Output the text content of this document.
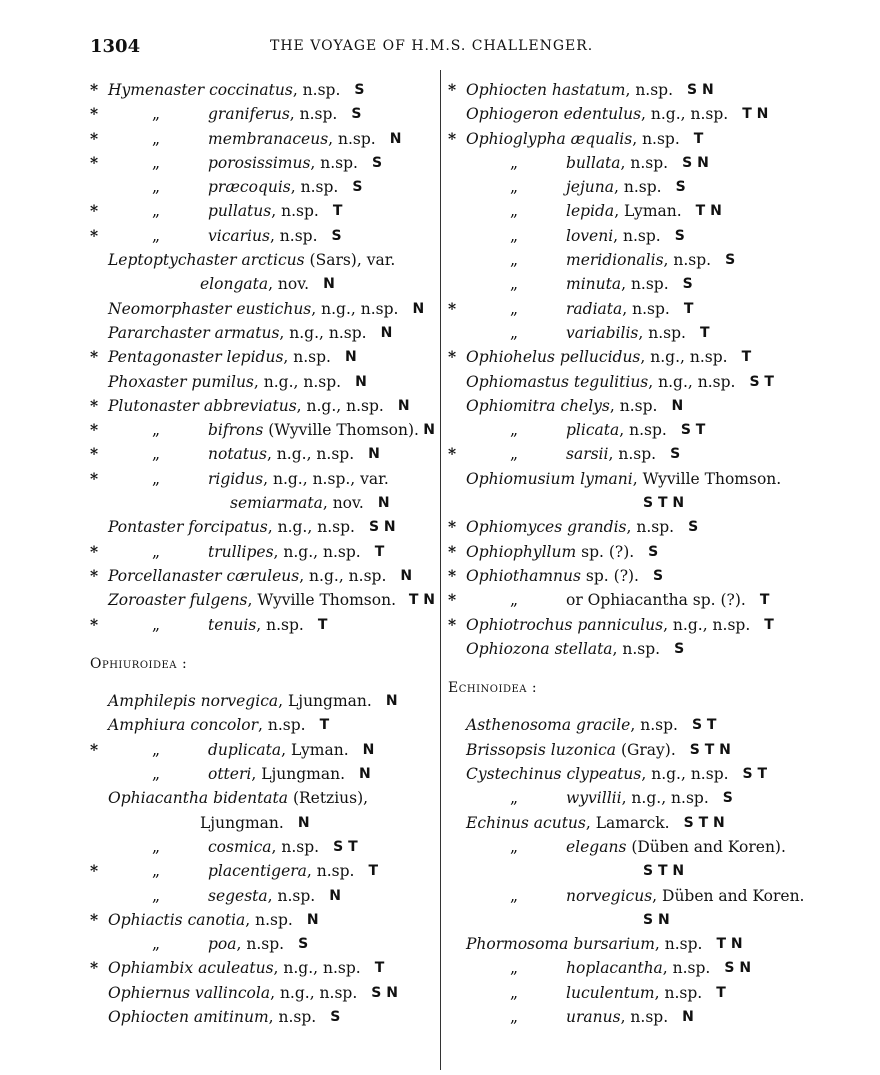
1304	THE VOYAGE OF H.M.S. CHALLENGER.
* Hymenaster coccinatus, n.sp. S
*	„	graniferus, n.sp. S
*	„	membranaceus, n.sp. N
*	„	porosissimus, n.sp. S
„	præcoquis, n.sp. S
*	„	pullatus, n.sp. T
*	„	vicarius, n.sp. S
Leptoptychaster arcticus (Sars), var.
elongata, nov. N
Neomorphaster eustichus, n.g., n.sp. N
Pararchaster armatus, n.g., n.sp. N
* Pentagonaster lepidus, n.sp. N
Phoxaster pumilus, n.g., n.sp. N
* Plutonaster abbreviatus, n.g., n.sp. N
*	„	bifrons (Wyville Thomson). N
*	„	notatus, n.g., n.sp. N
*	„	rigidus, n.g., n.sp., var.
semiarmata, nov. N
Pontaster forcipatus, n.g., n.sp. S N
*	„	trullipes, n.g., n.sp. T
* Porcellanaster cæruleus, n.g., n.sp. N
Zoroaster fulgens, Wyville Thomson. T N
*	„	tenuis, n.sp. T
Ophiuroidea :
Amphilepis norvegica, Ljungman. N
Amphiura concolor, n.sp. T
*	„	duplicata, Lyman. N
„	otteri, Ljungman. N
Ophiacantha bidentata (Retzius),
Ljungman. N
„	cosmica, n.sp. S T
*	„	placentigera, n.sp. T
„	segesta, n.sp. N
* Ophiactis canotia, n.sp. N
„	poa, n.sp. S
* Ophiambix aculeatus, n.g., n.sp. T
Ophiernus vallincola, n.g., n.sp. S N
Ophiocten amitinum, n.sp. S
* Ophiocten hastatum, n.sp. S N
Ophiogeron edentulus, n.g., n.sp. T N
* Ophioglypha æqualis, n.sp. T
„	bullata, n.sp. S N
„	jejuna, n.sp. S
„	lepida, Lyman. T N
„	loveni, n.sp. S
„	meridionalis, n.sp. S
„	minuta, n.sp. S
*	„	radiata, n.sp. T
„	variabilis, n.sp. T
* Ophiohelus pellucidus, n.g., n.sp. T
Ophiomastus tegulitius, n.g., n.sp. S T
Ophiomitra chelys, n.sp. N
„	plicata, n.sp. S T
*	„	sarsii, n.sp. S
Ophiomusium lymani, Wyville Thomson.
S T N
* Ophiomyces grandis, n.sp. S
* Ophiophyllum sp. (?). S
* Ophiothamnus sp. (?). S
*	„	or Ophiacantha sp. (?). T
* Ophiotrochus panniculus, n.g., n.sp. T
Ophiozona stellata, n.sp. S
Echinoidea :
Asthenosoma gracile, n.sp. S T
Brissopsis luzonica (Gray). S T N
Cystechinus clypeatus, n.g., n.sp. S T
„	wyvillii, n.g., n.sp. S
Echinus acutus, Lamarck. S T N
„	elegans (Düben and Koren).
S T N
„	norvegicus, Düben and Koren.
S N
Phormosoma bursarium, n.sp. T N
„	hoplacantha, n.sp. S N
„	luculentum, n.sp. T
„	uranus, n.sp. N
